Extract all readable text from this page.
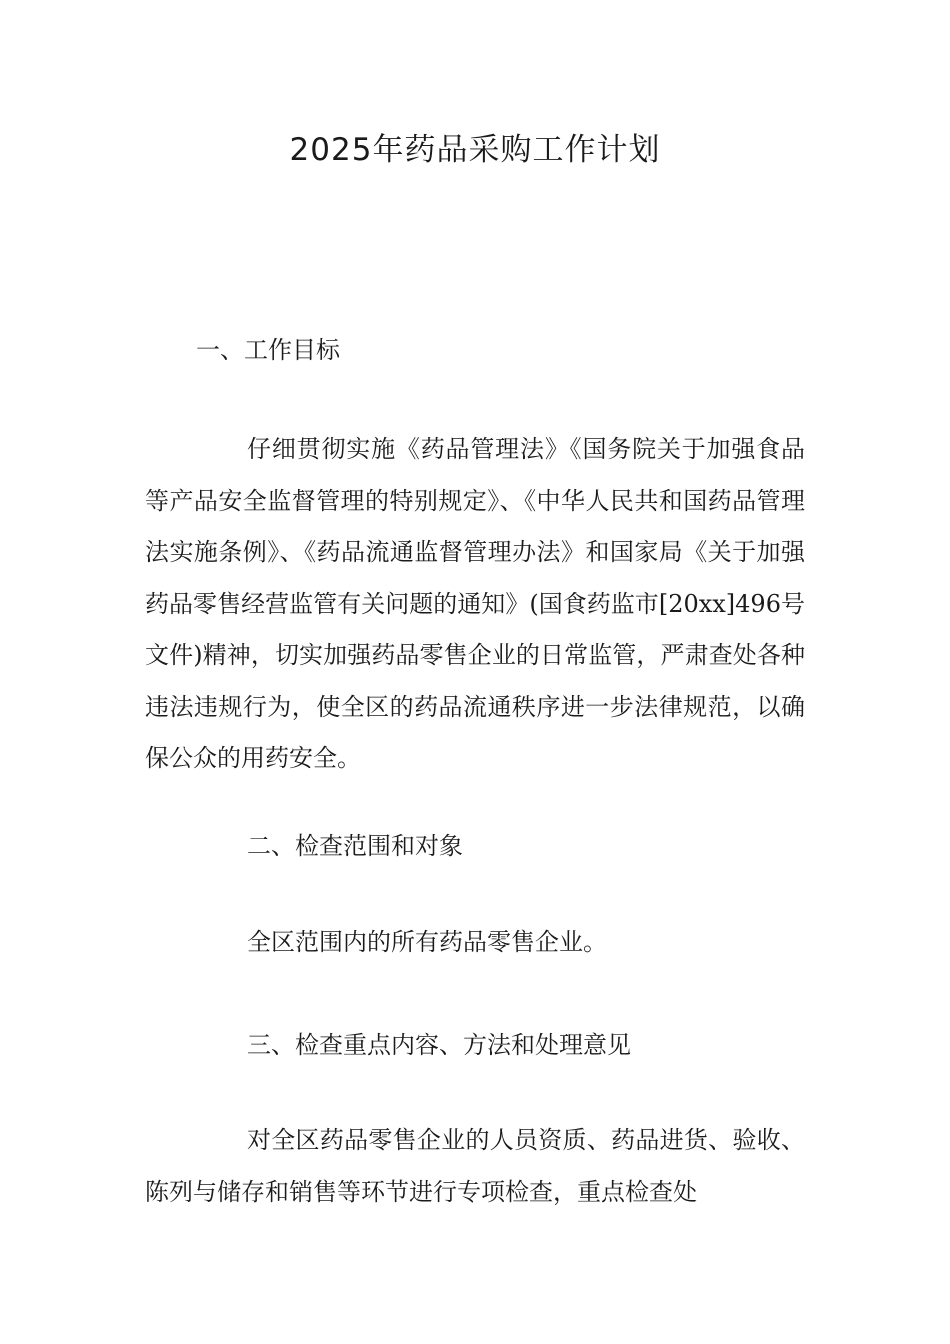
2025年药品采购工作计划
一、工作目标

仔细贯彻实施《药品管理法》《国务院关于加强食品等产品安全监督管理的特别规定》、《中华人民共和国药品管理法实施条例》、《药品流通监督管理办法》和国家局《关于加强药品零售经营监管有关问题的通知》(国食药监市[20xx]496号文件)精神，切实加强药品零售企业的日常监管，严肃查处各种违法违规行为，使全区的药品流通秩序进一步法律规范，以确保公众的用药安全。

二、检查范围和对象

全区范围内的所有药品零售企业。

三、检查重点内容、方法和处理意见

对全区药品零售企业的人员资质、药品进货、验收、陈列与储存和销售等环节进行专项检查，重点检查处
